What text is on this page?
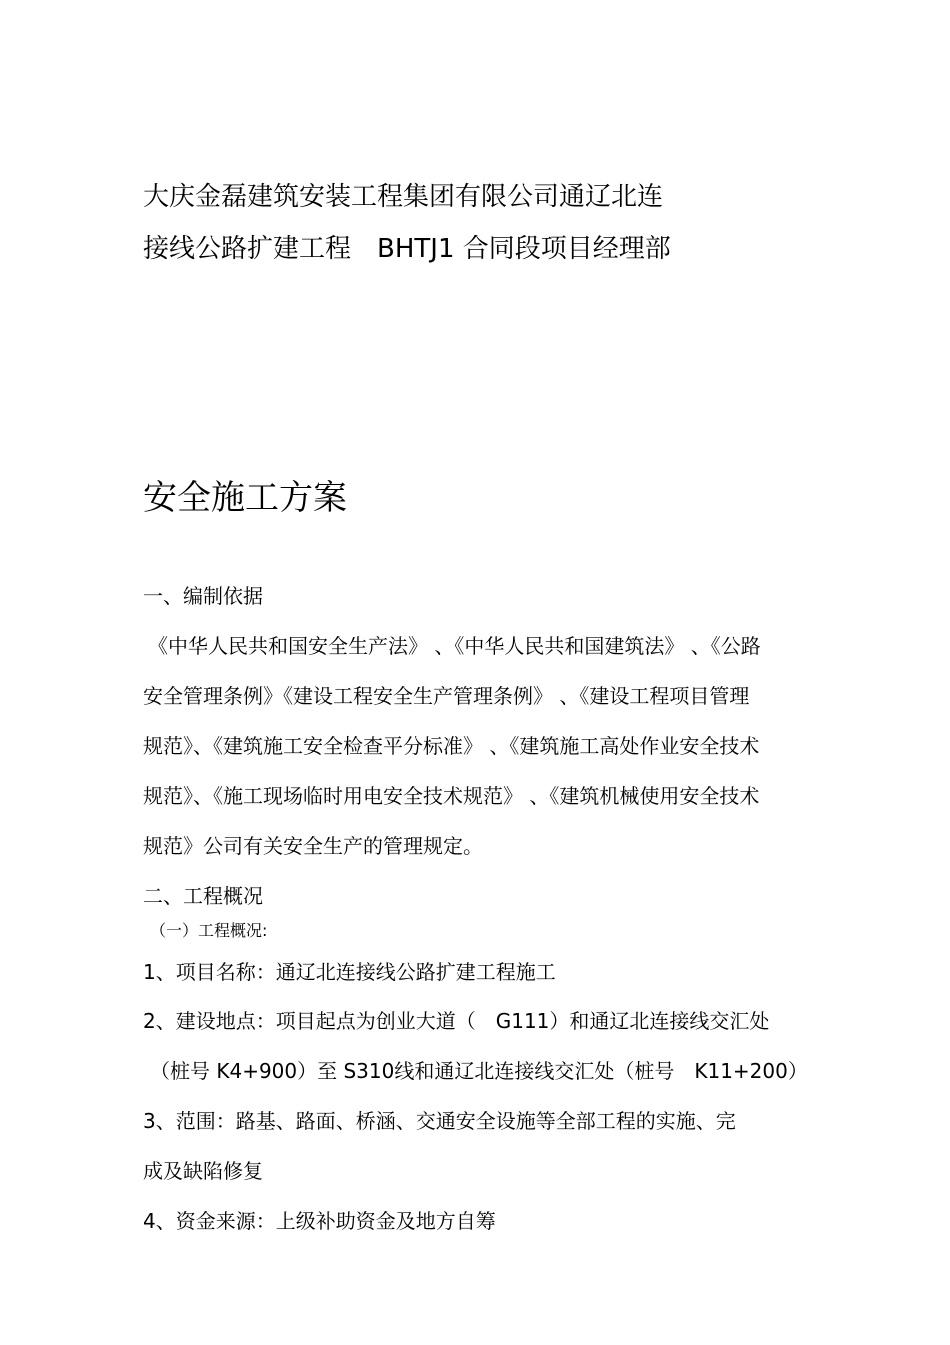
大庆金磊建筑安装工程集团有限公司通辽北连

接线公路扩建工程　BHTJ1 合同段项目经理部

安全施工方案

一、编制依据

《中华人民共和国安全生产法》 、《中华人民共和国建筑法》 、《公路

安全管理条例》《建设工程安全生产管理条例》 、《建设工程项目管理

规范》、《建筑施工安全检查平分标准》 、《建筑施工高处作业安全技术

规范》、《施工现场临时用电安全技术规范》 、《建筑机械使用安全技术

规范》公司有关安全生产的管理规定。

二、工程概况

（一）工程概况:

1、项目名称：通辽北连接线公路扩建工程施工

2、建设地点：项目起点为创业大道（　G111）和通辽北连接线交汇处

（桩号 K4+900）至 S310线和通辽北连接线交汇处（桩号　K11+200）

3、范围：路基、路面、桥涵、交通安全设施等全部工程的实施、完

成及缺陷修复

4、资金来源：上级补助资金及地方自筹
